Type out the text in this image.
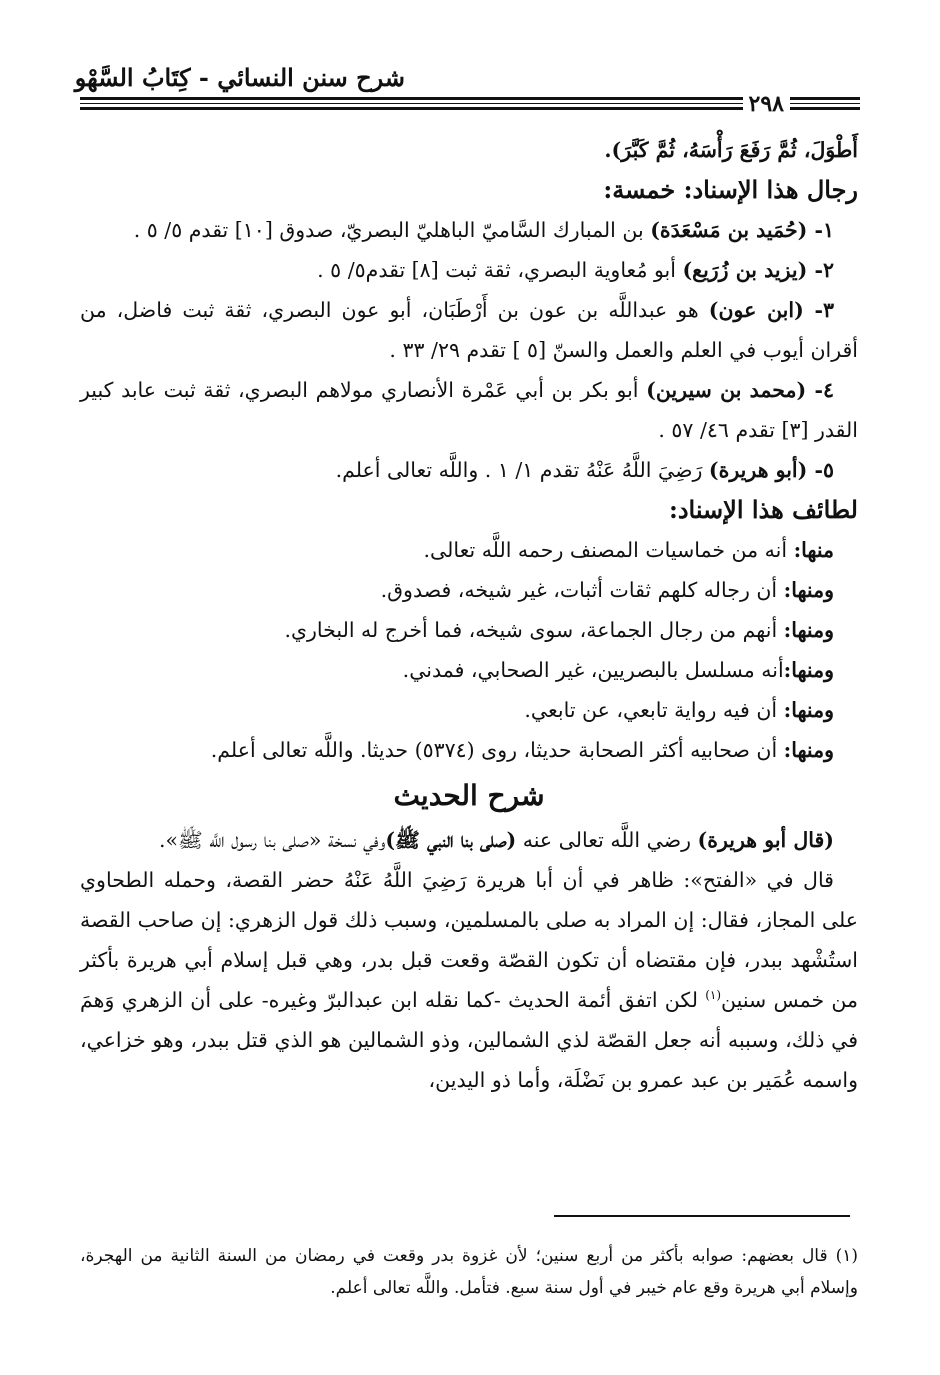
شرح سنن النسائي - كِتَابُ السَّهْو
٢٩٨

أَطْوَلَ، ثُمَّ رَفَعَ رَأْسَهُ، ثُمَّ كَبَّرَ).

رجال هذا الإسناد: خمسة:

١- (حُمَيد بن مَسْعَدَة) بن المبارك السَّاميّ الباهليّ البصريّ، صدوق [١٠] تقدم ٥/ ٥ .

٢- (يزيد بن زُرَيع) أبو مُعاوية البصري، ثقة ثبت [٨] تقدم٥/ ٥ .

٣- (ابن عون) هو عبداللَّه بن عون بن أَرْطَبَان، أبو عون البصري، ثقة ثبت فاضل، من أقران أيوب في العلم والعمل والسنّ [٥ ] تقدم ٢٩/ ٣٣ .

٤- (محمد بن سيرين) أبو بكر بن أبي عَمْرة الأنصاري مولاهم البصري، ثقة ثبت عابد كبير القدر [٣] تقدم ٤٦/ ٥٧ .

٥- (أبو هريرة) رَضِيَ اللَّهُ عَنْهُ تقدم ١/ ١ . واللَّه تعالى أعلم.

لطائف هذا الإسناد:

منها: أنه من خماسيات المصنف رحمه اللَّه تعالى.

ومنها: أن رجاله كلهم ثقات أثبات، غير شيخه، فصدوق.

ومنها: أنهم من رجال الجماعة، سوى شيخه، فما أخرج له البخاري.

ومنها:أنه مسلسل بالبصريين، غير الصحابي، فمدني.

ومنها: أن فيه رواية تابعي، عن تابعي.

ومنها: أن صحابيه أكثر الصحابة حديثا، روى (٥٣٧٤) حديثا. واللَّه تعالى أعلم.

شرح الحديث

(قال أبو هريرة) رضي اللَّه تعالى عنه (صلى بنا النبي ﷺ)وفي نسخة «صلى بنا رسول اللَّه ﷺ».

قال في «الفتح»: ظاهر في أن أبا هريرة رَضِيَ اللَّهُ عَنْهُ حضر القصة، وحمله الطحاوي على المجاز، فقال: إن المراد به صلى بالمسلمين، وسبب ذلك قول الزهري: إن صاحب القصة استُشْهد ببدر، فإن مقتضاه أن تكون القصّة وقعت قبل بدر، وهي قبل إسلام أبي هريرة بأكثر من خمس سنين$^{(١)}$ لكن اتفق أئمة الحديث -كما نقله ابن عبدالبرّ وغيره- على أن الزهري وَهمَ في ذلك، وسببه أنه جعل القصّة لذي الشمالين، وذو الشمالين هو الذي قتل ببدر، وهو خزاعي، واسمه عُمَير بن عبد عمرو بن نَضْلَة، وأما ذو اليدين،

(١) قال بعضهم: صوابه بأكثر من أربع سنين؛ لأن غزوة بدر وقعت في رمضان من السنة الثانية من الهجرة، وإسلام أبي هريرة وقع عام خيبر في أول سنة سبع. فتأمل. واللَّه تعالى أعلم.
